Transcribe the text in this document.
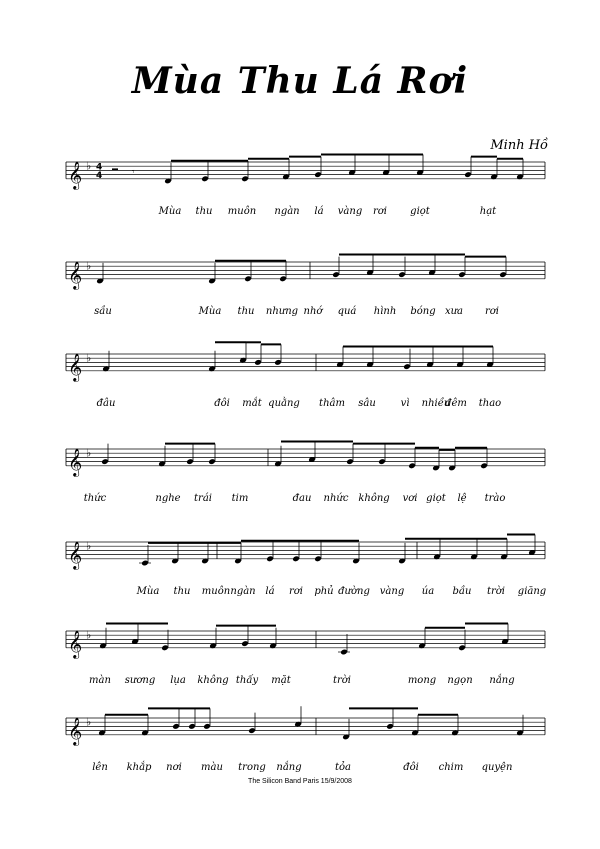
Mùa Thu Lá Rơi
Minh Hồ
𝄞 ♭ 4
4	𝄾
Mùa thu muôn ngàn lá vàng rơi giọt	hạt
𝄞 ♭
sầu	Mùa thu nhưng nhớ quá hình bóng xưa rơi
𝄞 ♭
đâu	đôi mắt quằng thâm sâu vì nhiều
đêm thao
𝄞 ♭
thức	nghe trái tim	đau nhức không vơi giọt lệ trào
𝄞 ♭
Mùa thu muôn ngàn lá rơi phủ đường vàng úa bầu trời giăng
𝄞 ♭
màn sương lụa không thấy mặt	trời	mong ngọn nắng
𝄞 ♭
lên khắp nơi màu trong nắng	tỏa	đôi chim quyện
The Silicon Band Paris 15/9/2008
